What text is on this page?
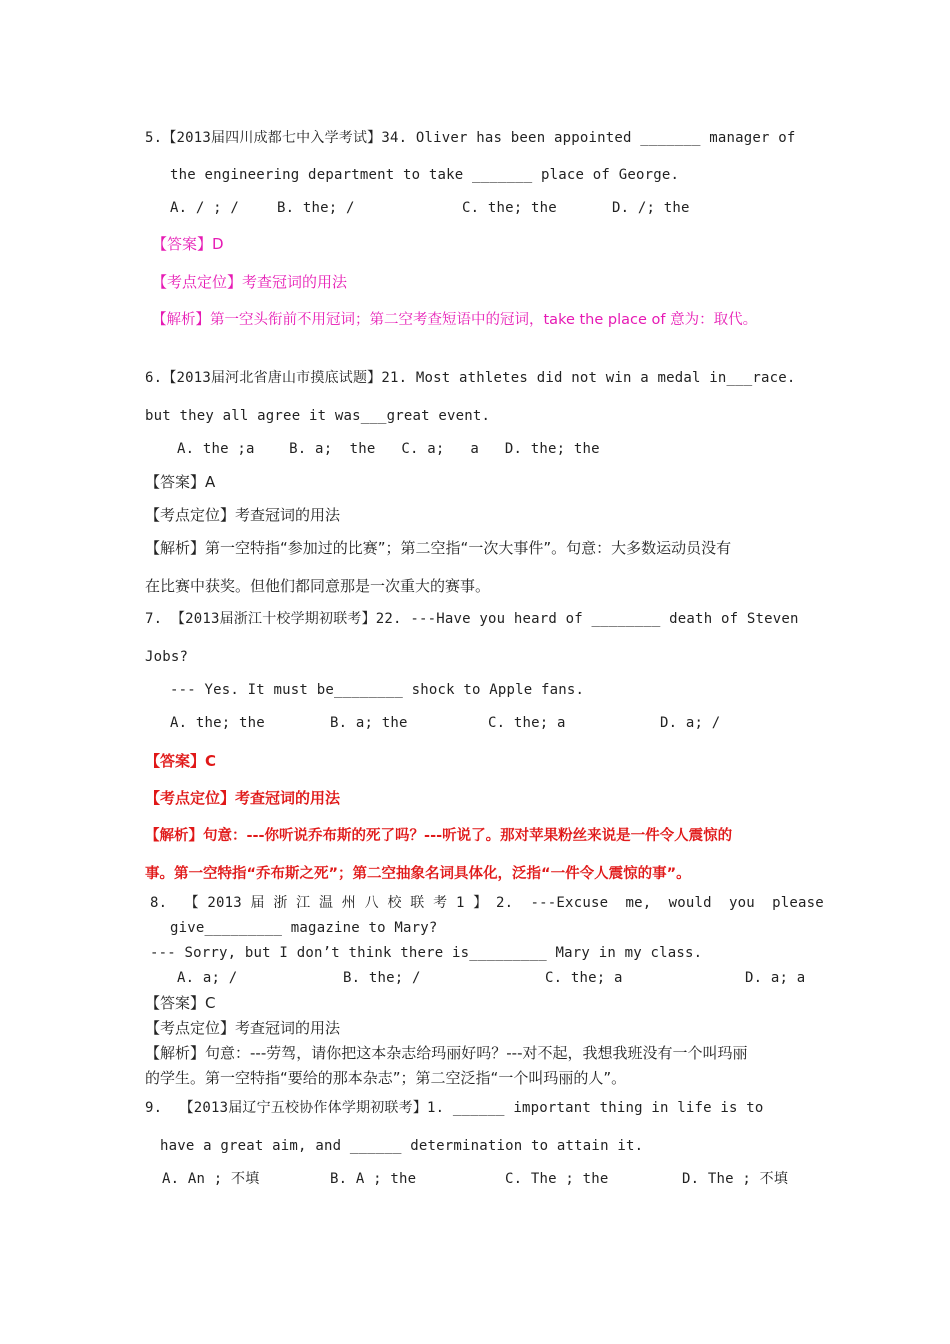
5.【2013届四川成都七中入学考试】34. Oliver has been appointed _______ manager of
the engineering department to take _______ place of George.
A. / ; /	B. the; /	C. the; the	D. /; the
【答案】D
【考点定位】考查冠词的用法
【解析】第一空头衔前不用冠词；第二空考查短语中的冠词，take the place of 意为：取代。
6.【2013届河北省唐山市摸底试题】21. Most athletes did not win a medal in___race.
but they all agree it was___great event.
A. the ;a    B. a;  the   C. a;   a   D. the; the
【答案】A
【考点定位】考查冠词的用法
【解析】第一空特指“参加过的比赛”；第二空指“一次大事件”。句意：大多数运动员没有
在比赛中获奖。但他们都同意那是一次重大的赛事。
7. 【2013届浙江十校学期初联考】22. ---Have you heard of ________ death of Steven
Jobs?
--- Yes. It must be________ shock to Apple fans.
A. the; the	B. a; the	C. the; a	D. a; /
【答案】C
【考点定位】考查冠词的用法
【解析】句意：---你听说乔布斯的死了吗？---听说了。那对苹果粉丝来说是一件令人震惊的
事。第一空特指“乔布斯之死”；第二空抽象名词具体化，泛指“一件令人震惊的事”。
8.  【 2013 届 浙 江 温 州 八 校 联 考 1 】 2.  ---Excuse  me,  would  you  please
give_________ magazine to Mary?
--- Sorry, but I don’t think there is_________ Mary in my class.
A. a; /	B. the; /	C. the; a	D. a; a
【答案】C
【考点定位】考查冠词的用法
【解析】句意：---劳驾，请你把这本杂志给玛丽好吗？---对不起，我想我班没有一个叫玛丽
的学生。第一空特指“要给的那本杂志”；第二空泛指“一个叫玛丽的人”。
9.  【2013届辽宁五校协作体学期初联考】1. ______ important thing in life is to
have a great aim, and ______ determination to attain it.
A. An ; 不填	B. A ; the	C. The ; the	D. The ; 不填
